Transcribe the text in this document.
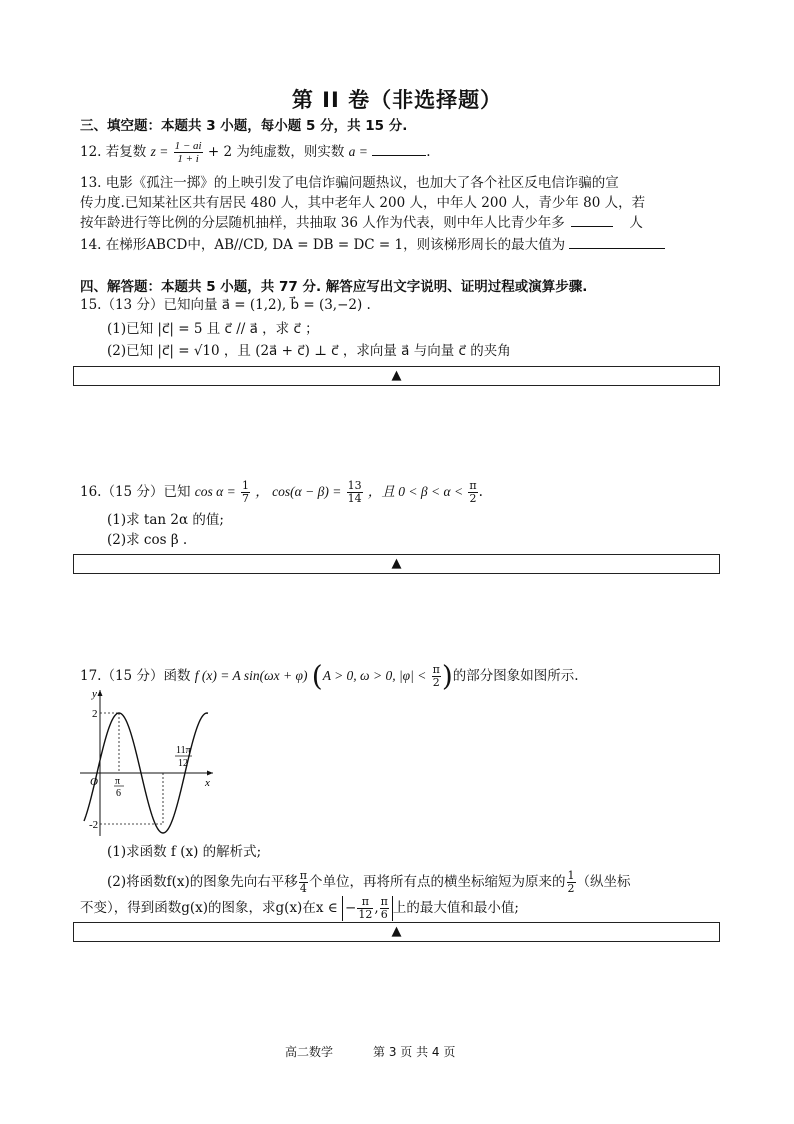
第 II 卷（非选择题）
三、填空题：本题共 3 小题，每小题 5 分，共 15 分.
12. 若复数 $z = \frac{1 - ai}{1 + i} + 2$ 为纯虚数，则实数 a =	.
13. 电影《孤注一掷》的上映引发了电信诈骗问题热议，也加大了各个社区反电信诈骗的宣
传力度.已知某社区共有居民 480 人，其中老年人 200 人，中年人 200 人，青少年 80 人，若
按年龄进行等比例的分层随机抽样，共抽取 36 人作为代表，则中年人比青少年多	人
14. 在梯形ABCD中，AB//CD, DA = DB = DC = 1，则该梯形周长的最大值为
四、解答题：本题共 5 小题，共 77 分. 解答应写出文字说明、证明过程或演算步骤.
15.（13 分）已知向量 a⃗ = (1,2), b⃗ = (3,−2) .
(1)已知 |c⃗| = 5 且 c⃗ // a⃗ ，求 c⃗ ；
(2)已知 |c⃗| = √10 ，且 (2a⃗ + c⃗) ⊥ c⃗ ，求向量 a⃗ 与向量 c⃗ 的夹角
▲
16.（15 分）已知 $\cos \alpha = \frac{1}{7}$ ， $\cos(\alpha - \beta) = \frac{13}{14}$ ，且 $0 < \beta < \alpha < \frac{\pi}{2}$ .
(1)求 tan 2α 的值;
(2)求 cos β .
▲
17.（15 分）函数 f (x) = A sin(ωx + φ) (A > 0, ω > 0, $|\varphi| < \frac{\pi}{2}$ )的部分图象如图所示.
y
x
O
2
-2
π
6
11π
12
(1)求函数 f (x) 的解析式;
(2)将函数f(x)的图象先向右平移 $\frac{\pi}{4}$ 个单位，再将所有点的横坐标缩短为原来的 $\frac{1}{2}$ （纵坐标
不变），得到函数g(x)的图象，求g(x)在x ∈ − $\frac{\pi}{12}$ , $\frac{\pi}{6}$ 上的最大值和最小值;
▲
高二数学	第 3 页 共 4 页
